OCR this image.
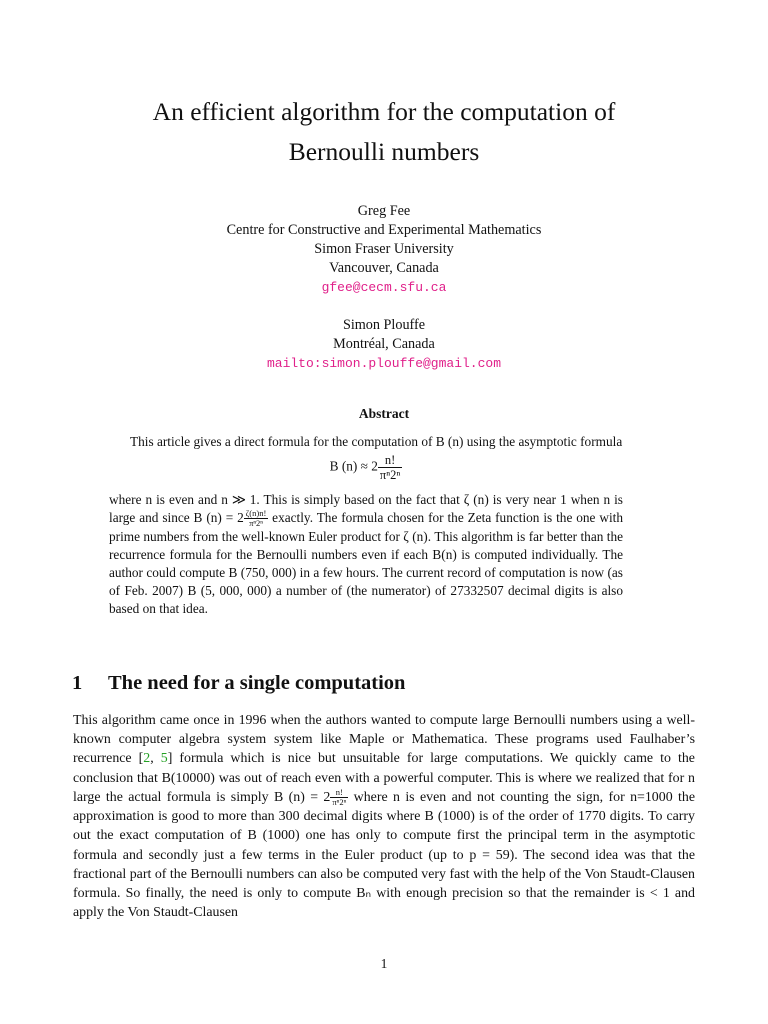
An efficient algorithm for the computation of
Bernoulli numbers
Greg Fee
Centre for Constructive and Experimental Mathematics
Simon Fraser University
Vancouver, Canada
gfee@cecm.sfu.ca
Simon Plouffe
Montréal, Canada
mailto:simon.plouffe@gmail.com
Abstract

This article gives a direct formula for the computation of B (n) using the asymptotic formula

B $(n) \approx 2 \frac{n!}{\text{πⁿ2ⁿ}}$

where n is even and n ≫ 1. This is simply based on the fact that ζ (n) is very near 1 when n is large and since B $(n) = 2 \frac{\zeta(n)n!}{\text{πⁿ2ⁿ}}$ exactly. The formula chosen for the Zeta function is the one with prime numbers from the well-known Euler product for ζ (n). This algorithm is far better than the recurrence formula for the Bernoulli numbers even if each B(n) is computed individually. The author could compute B (750, 000) in a few hours. The current record of computation is now (as of Feb. 2007) B (5, 000, 000) a number of (the numerator) of 27332507 decimal digits is also based on that idea.

1 The need for a single computation

This algorithm came once in 1996 when the authors wanted to compute large Bernoulli numbers using a well-known computer algebra system system like Maple or Mathematica. These programs used Faulhaber’s recurrence [2, 5] formula which is nice but unsuitable for large computations. We quickly came to the conclusion that B(10000) was out of reach even with a powerful computer. This is where we realized that for n large the actual formula is simply B $(n) = 2 \frac{n!}{\text{πⁿ2ⁿ}}$ where n is even and not counting the sign, for n=1000 the approximation is good to more than 300 decimal digits where B (1000) is of the order of 1770 digits. To carry out the exact computation of B (1000) one has only to compute first the principal term in the asymptotic formula and secondly just a few terms in the Euler product (up to p = 59). The second idea was that the fractional part of the Bernoulli numbers can also be computed very fast with the help of the Von Staudt-Clausen formula. So finally, the need is only to compute Bₙ with enough precision so that the remainder is < 1 and apply the Von Staudt-Clausen

1
